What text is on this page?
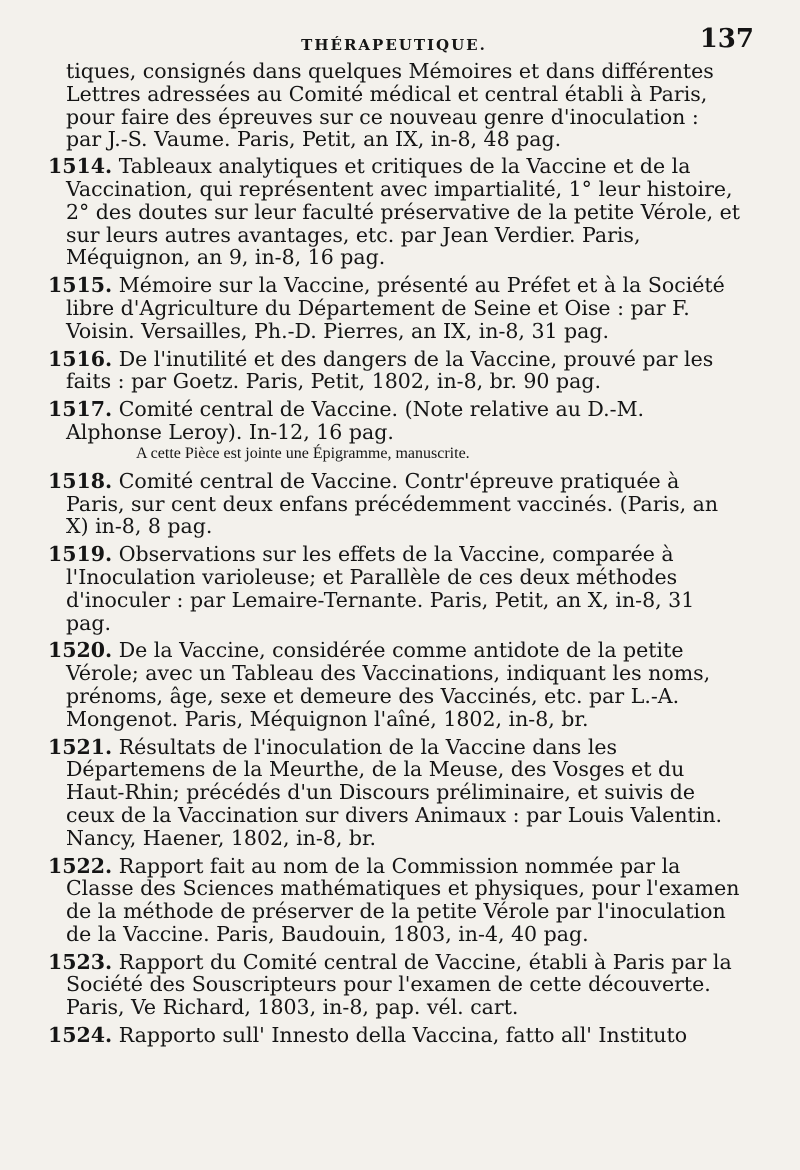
THÉRAPEUTIQUE.	137

tiques, consignés dans quelques Mémoires et dans différentes Lettres adressées au Comité médical et central établi à Paris, pour faire des épreuves sur ce nouveau genre d'inoculation : par J.-S. Vaume. Paris, Petit, an IX, in-8, 48 pag.

1514. Tableaux analytiques et critiques de la Vaccine et de la Vaccination, qui représentent avec impartialité, 1° leur histoire, 2° des doutes sur leur faculté préservative de la petite Vérole, et sur leurs autres avantages, etc. par Jean Verdier. Paris, Méquignon, an 9, in-8, 16 pag.

1515. Mémoire sur la Vaccine, présenté au Préfet et à la Société libre d'Agriculture du Département de Seine et Oise : par F. Voisin. Versailles, Ph.-D. Pierres, an IX, in-8, 31 pag.

1516. De l'inutilité et des dangers de la Vaccine, prouvé par les faits : par Goetz. Paris, Petit, 1802, in-8, br. 90 pag.

1517. Comité central de Vaccine. (Note relative au D.-M. Alphonse Leroy). In-12, 16 pag.

A cette Pièce est jointe une Épigramme, manuscrite.

1518. Comité central de Vaccine. Contr'épreuve pratiquée à Paris, sur cent deux enfans précédemment vaccinés. (Paris, an X) in-8, 8 pag.

1519. Observations sur les effets de la Vaccine, comparée à l'Inoculation varioleuse; et Parallèle de ces deux méthodes d'inoculer : par Lemaire-Ternante. Paris, Petit, an X, in-8, 31 pag.

1520. De la Vaccine, considérée comme antidote de la petite Vérole; avec un Tableau des Vaccinations, indiquant les noms, prénoms, âge, sexe et demeure des Vaccinés, etc. par L.-A. Mongenot. Paris, Méquignon l'aîné, 1802, in-8, br.

1521. Résultats de l'inoculation de la Vaccine dans les Départemens de la Meurthe, de la Meuse, des Vosges et du Haut-Rhin; précédés d'un Discours préliminaire, et suivis de ceux de la Vaccination sur divers Animaux : par Louis Valentin. Nancy, Haener, 1802, in-8, br.

1522. Rapport fait au nom de la Commission nommée par la Classe des Sciences mathématiques et physiques, pour l'examen de la méthode de préserver de la petite Vérole par l'inoculation de la Vaccine. Paris, Baudouin, 1803, in-4, 40 pag.

1523. Rapport du Comité central de Vaccine, établi à Paris par la Société des Souscripteurs pour l'examen de cette découverte. Paris, Ve Richard, 1803, in-8, pap. vél. cart.

1524. Rapporto sull' Innesto della Vaccina, fatto all' Instituto
